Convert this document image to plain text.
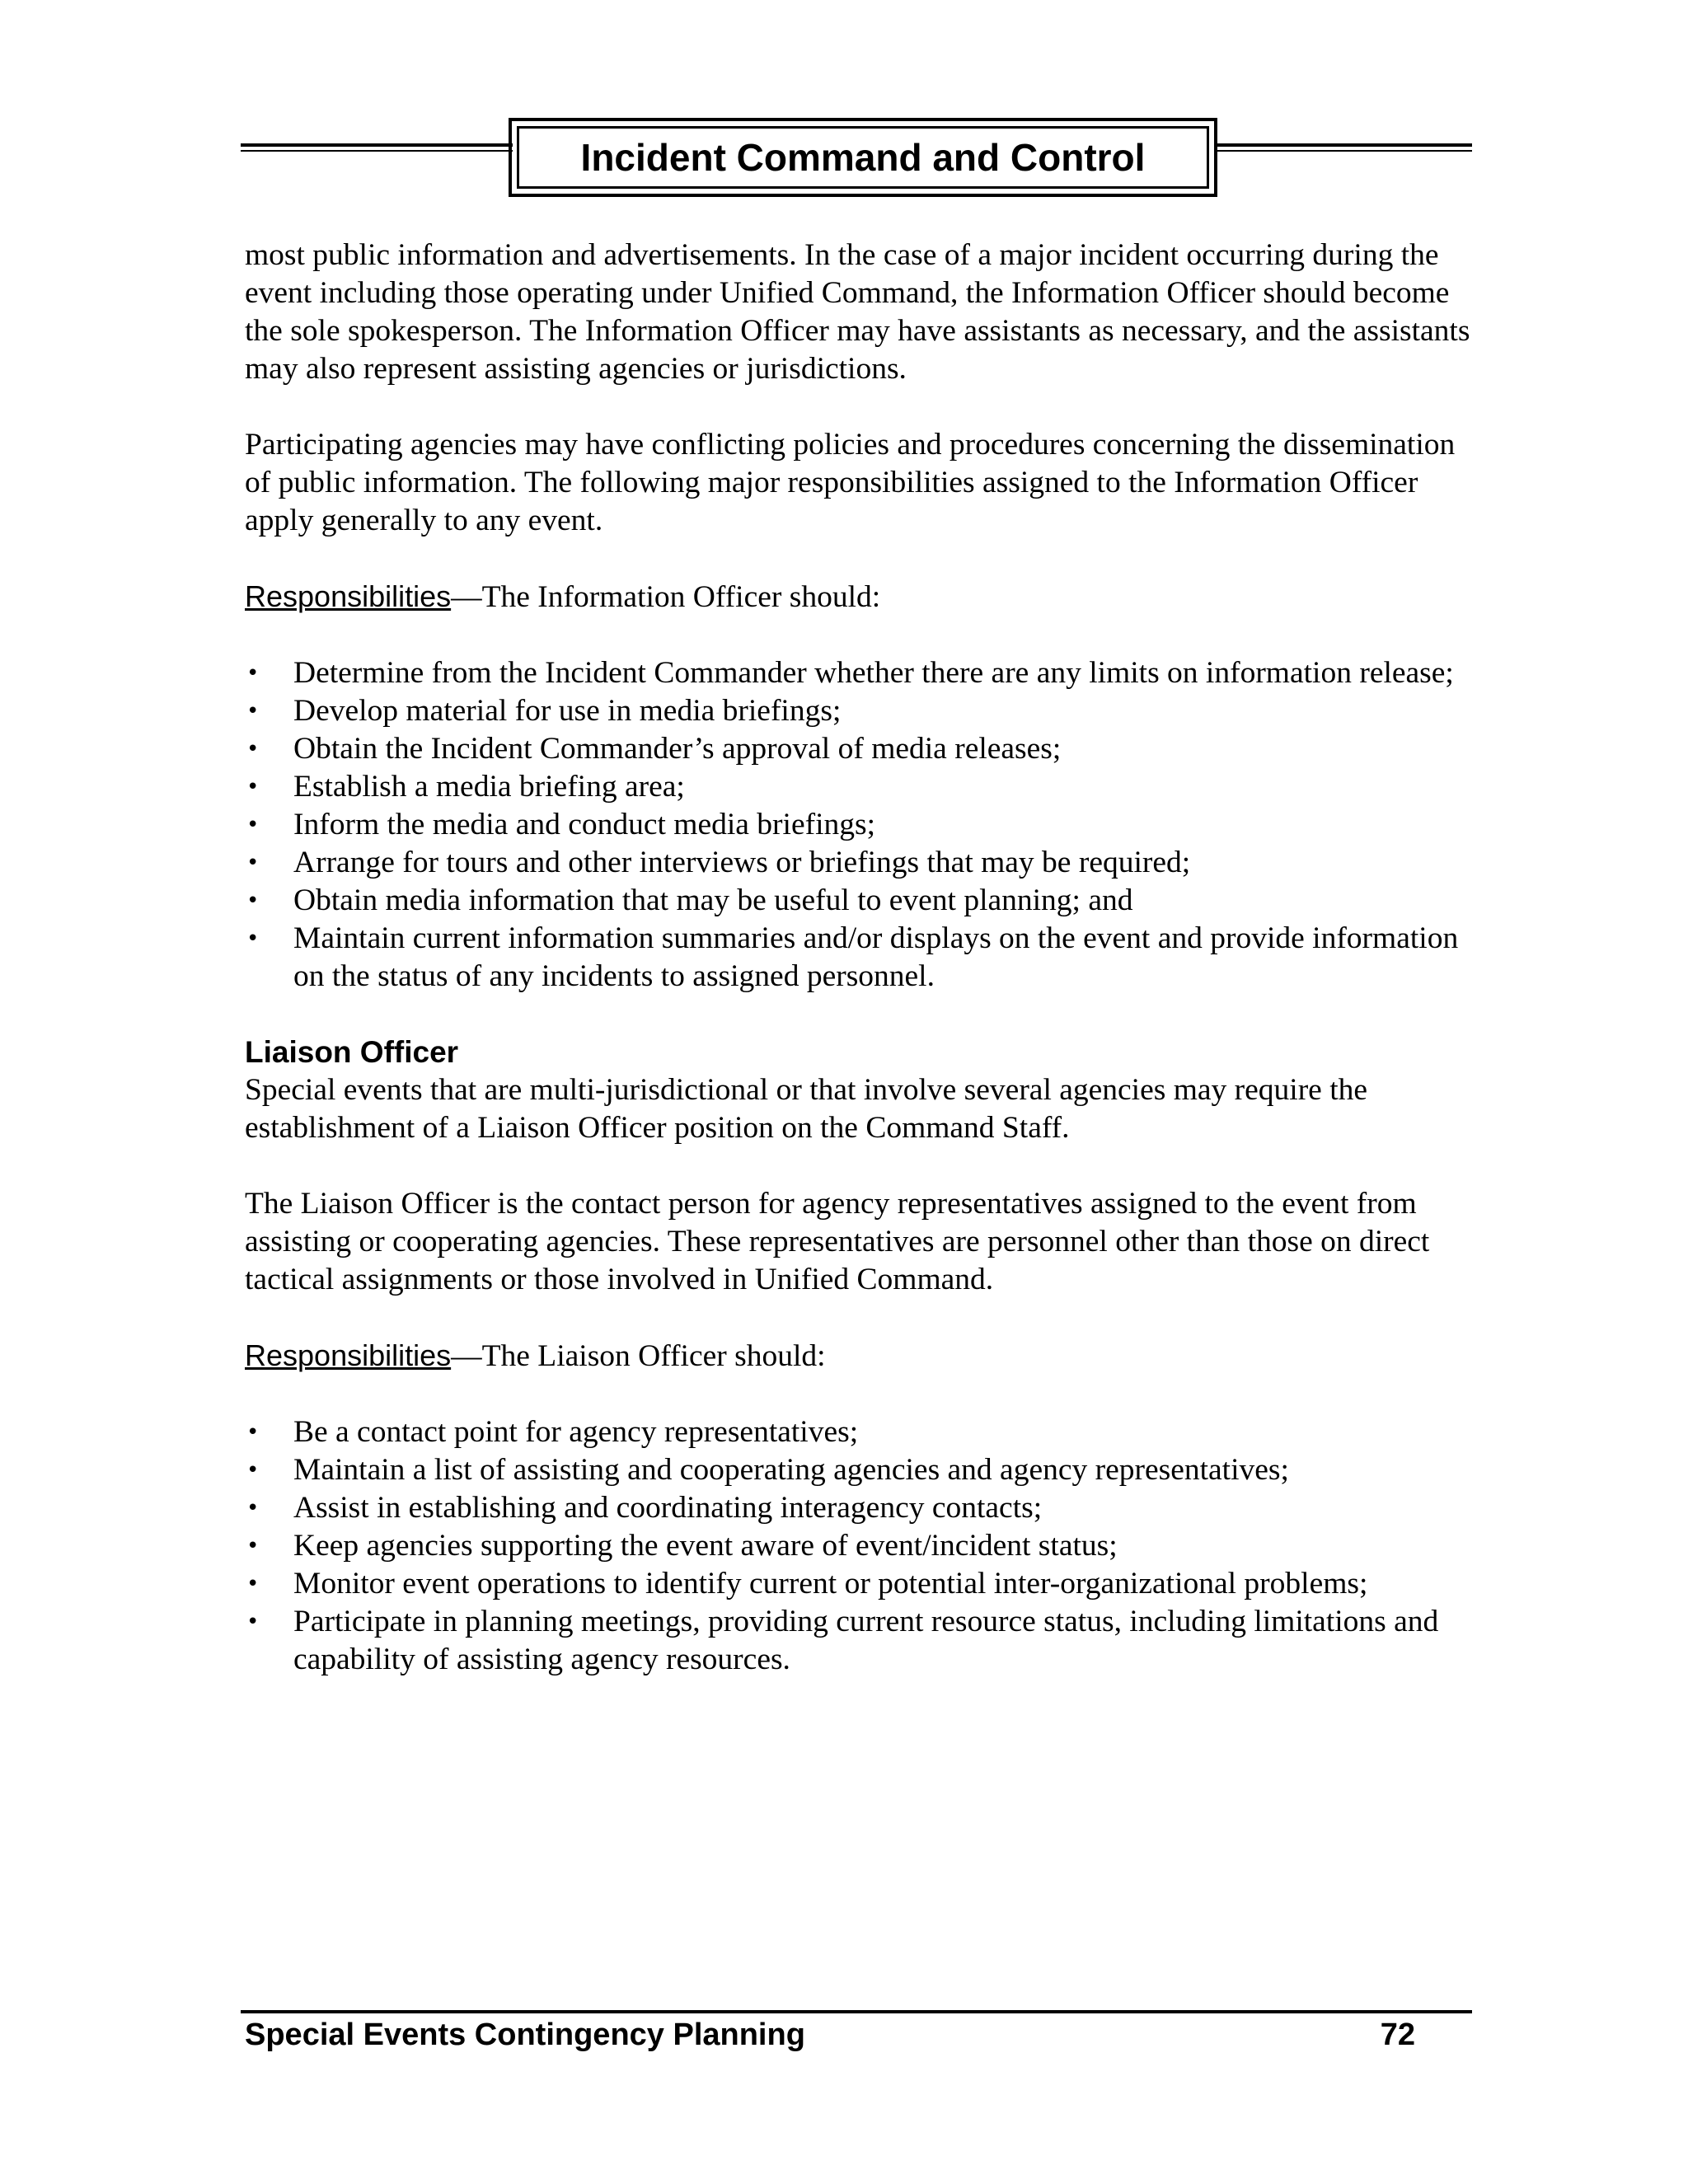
Incident Command and Control

most public information and advertisements. In the case of a major incident occurring during the event including those operating under Unified Command, the Information Officer should become the sole spokesperson. The Information Officer may have assistants as necessary, and the assistants may also represent assisting agencies or jurisdictions.

Participating agencies may have conflicting policies and procedures concerning the dissemination of public information. The following major responsibilities assigned to the Information Officer apply generally to any event.

Responsibilities—The Information Officer should:

• Determine from the Incident Commander whether there are any limits on information release;
• Develop material for use in media briefings;
• Obtain the Incident Commander’s approval of media releases;
• Establish a media briefing area;
• Inform the media and conduct media briefings;
• Arrange for tours and other interviews or briefings that may be required;
• Obtain media information that may be useful to event planning; and
• Maintain current information summaries and/or displays on the event and provide information on the status of any incidents to assigned personnel.
Liaison Officer

Special events that are multi-jurisdictional or that involve several agencies may require the establishment of a Liaison Officer position on the Command Staff.

The Liaison Officer is the contact person for agency representatives assigned to the event from assisting or cooperating agencies. These representatives are personnel other than those on direct tactical assignments or those involved in Unified Command.

Responsibilities—The Liaison Officer should:

• Be a contact point for agency representatives;
• Maintain a list of assisting and cooperating agencies and agency representatives;
• Assist in establishing and coordinating interagency contacts;
• Keep agencies supporting the event aware of event/incident status;
• Monitor event operations to identify current or potential inter-organizational problems;
• Participate in planning meetings, providing current resource status, including limitations and capability of assisting agency resources.
Special Events Contingency Planning	72
